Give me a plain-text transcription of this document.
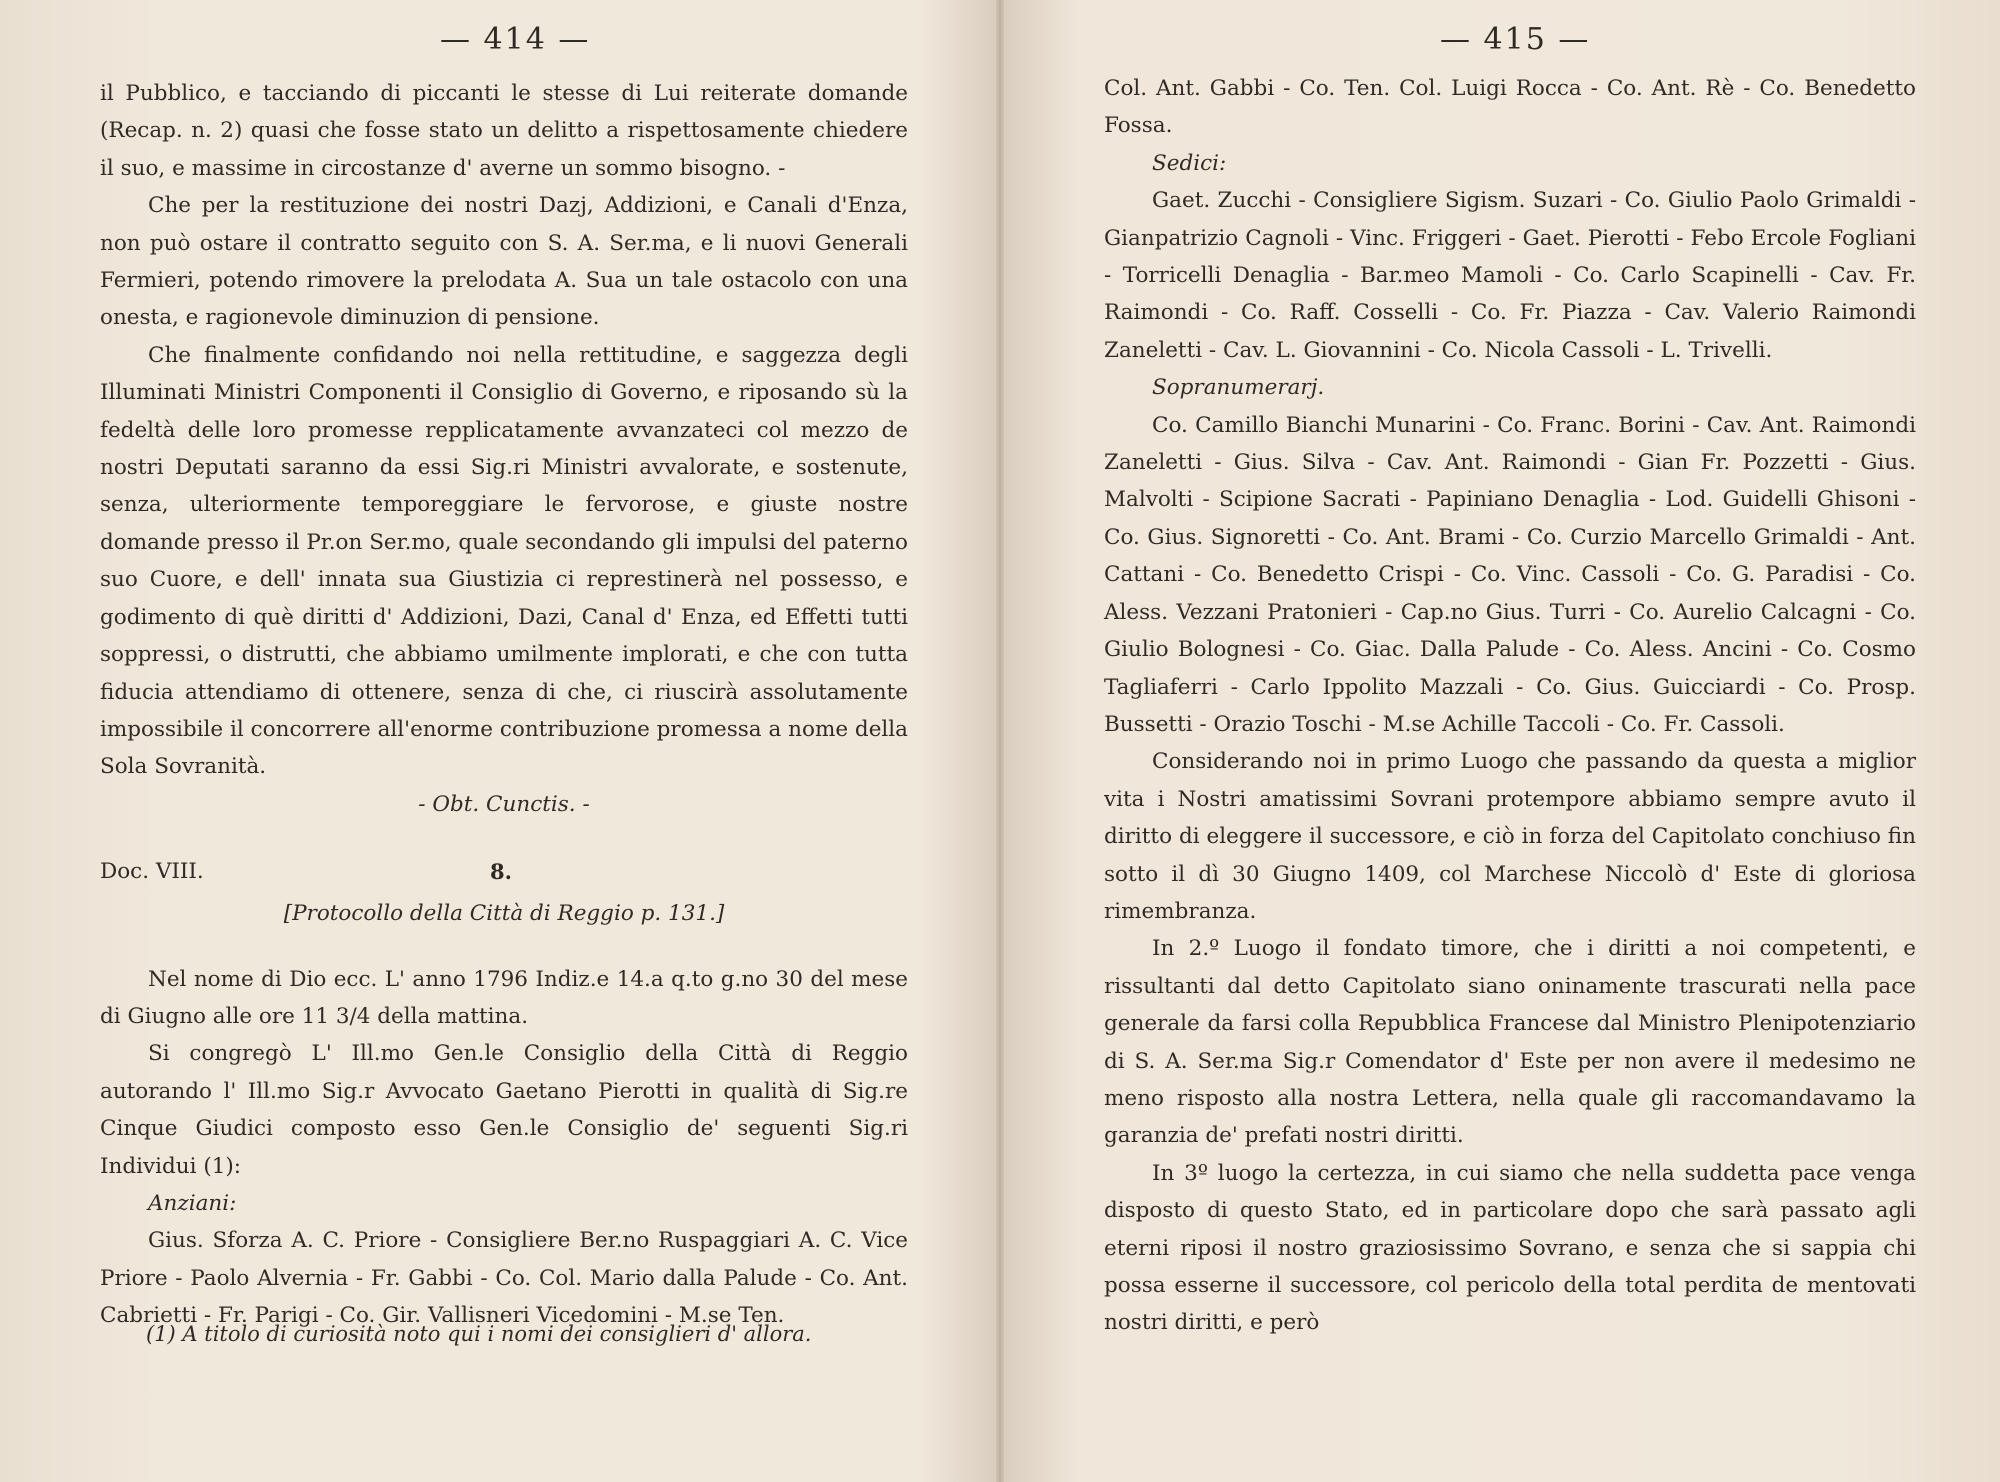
— 414 —

il Pubblico, e tacciando di piccanti le stesse di Lui reiterate domande (Recap. n. 2) quasi che fosse stato un delitto a rispettosamente chiedere il suo, e massime in circostanze d' averne un sommo bisogno. -

Che per la restituzione dei nostri Dazj, Addizioni, e Canali d'Enza, non può ostare il contratto seguito con S. A. Ser.ma, e li nuovi Generali Fermieri, potendo rimovere la prelodata A. Sua un tale ostacolo con una onesta, e ragionevole diminuzion di pensione.

Che finalmente confidando noi nella rettitudine, e saggezza degli Illuminati Ministri Componenti il Consiglio di Governo, e riposando sù la fedeltà delle loro promesse repplicatamente avvanzateci col mezzo de nostri Deputati saranno da essi Sig.ri Ministri avvalorate, e sostenute, senza, ulteriormente temporeggiare le fervorose, e giuste nostre domande presso il Pr.on Ser.mo, quale secondando gli impulsi del paterno suo Cuore, e dell' innata sua Giustizia ci represtinerà nel possesso, e godimento di què diritti d' Addizioni, Dazi, Canal d' Enza, ed Effetti tutti soppressi, o distrutti, che abbiamo umilmente implorati, e che con tutta fiducia attendiamo di ottenere, senza di che, ci riuscirà assolutamente impossibile il concorrere all'enorme contribuzione promessa a nome della Sola Sovranità.

- Obt. Cunctis. -

Doc. VIII.	8.

[Protocollo della Città di Reggio p. 131.]

Nel nome di Dio ecc. L' anno 1796 Indiz.e 14.a q.to g.no 30 del mese di Giugno alle ore 11 3/4 della mattina.

Si congregò L' Ill.mo Gen.le Consiglio della Città di Reggio autorando l' Ill.mo Sig.r Avvocato Gaetano Pierotti in qualità di Sig.re Cinque Giudici composto esso Gen.le Consiglio de' seguenti Sig.ri Individui (1):

Anziani:

Gius. Sforza A. C. Priore - Consigliere Ber.no Ruspaggiari A. C. Vice Priore - Paolo Alvernia - Fr. Gabbi - Co. Col. Mario dalla Palude - Co. Ant. Cabrietti - Fr. Parigi - Co. Gir. Vallisneri Vicedomini - M.se Ten.

(1) A titolo di curiosità noto qui i nomi dei consiglieri d' allora.
— 415 —

Col. Ant. Gabbi - Co. Ten. Col. Luigi Rocca - Co. Ant. Rè - Co. Benedetto Fossa.

Sedici:

Gaet. Zucchi - Consigliere Sigism. Suzari - Co. Giulio Paolo Grimaldi - Gianpatrizio Cagnoli - Vinc. Friggeri - Gaet. Pierotti - Febo Ercole Fogliani - Torricelli Denaglia - Bar.meo Mamoli - Co. Carlo Scapinelli - Cav. Fr. Raimondi - Co. Raff. Cosselli - Co. Fr. Piazza - Cav. Valerio Raimondi Zaneletti - Cav. L. Giovannini - Co. Nicola Cassoli - L. Trivelli.

Sopranumerarj.

Co. Camillo Bianchi Munarini - Co. Franc. Borini - Cav. Ant. Raimondi Zaneletti - Gius. Silva - Cav. Ant. Raimondi - Gian Fr. Pozzetti - Gius. Malvolti - Scipione Sacrati - Papiniano Denaglia - Lod. Guidelli Ghisoni - Co. Gius. Signoretti - Co. Ant. Brami - Co. Curzio Marcello Grimaldi - Ant. Cattani - Co. Benedetto Crispi - Co. Vinc. Cassoli - Co. G. Paradisi - Co. Aless. Vezzani Pratonieri - Cap.no Gius. Turri - Co. Aurelio Calcagni - Co. Giulio Bolognesi - Co. Giac. Dalla Palude - Co. Aless. Ancini - Co. Cosmo Tagliaferri - Carlo Ippolito Mazzali - Co. Gius. Guicciardi - Co. Prosp. Bussetti - Orazio Toschi - M.se Achille Taccoli - Co. Fr. Cassoli.

Considerando noi in primo Luogo che passando da questa a miglior vita i Nostri amatissimi Sovrani protempore abbiamo sempre avuto il diritto di eleggere il successore, e ciò in forza del Capitolato conchiuso fin sotto il dì 30 Giugno 1409, col Marchese Niccolò d' Este di gloriosa rimembranza.

In 2.º Luogo il fondato timore, che i diritti a noi competenti, e rissultanti dal detto Capitolato siano oninamente trascurati nella pace generale da farsi colla Repubblica Francese dal Ministro Plenipotenziario di S. A. Ser.ma Sig.r Comendator d' Este per non avere il medesimo ne meno risposto alla nostra Lettera, nella quale gli raccomandavamo la garanzia de' prefati nostri diritti.

In 3º luogo la certezza, in cui siamo che nella suddetta pace venga disposto di questo Stato, ed in particolare dopo che sarà passato agli eterni riposi il nostro graziosissimo Sovrano, e senza che si sappia chi possa esserne il successore, col pericolo della total perdita de mentovati nostri diritti, e però
